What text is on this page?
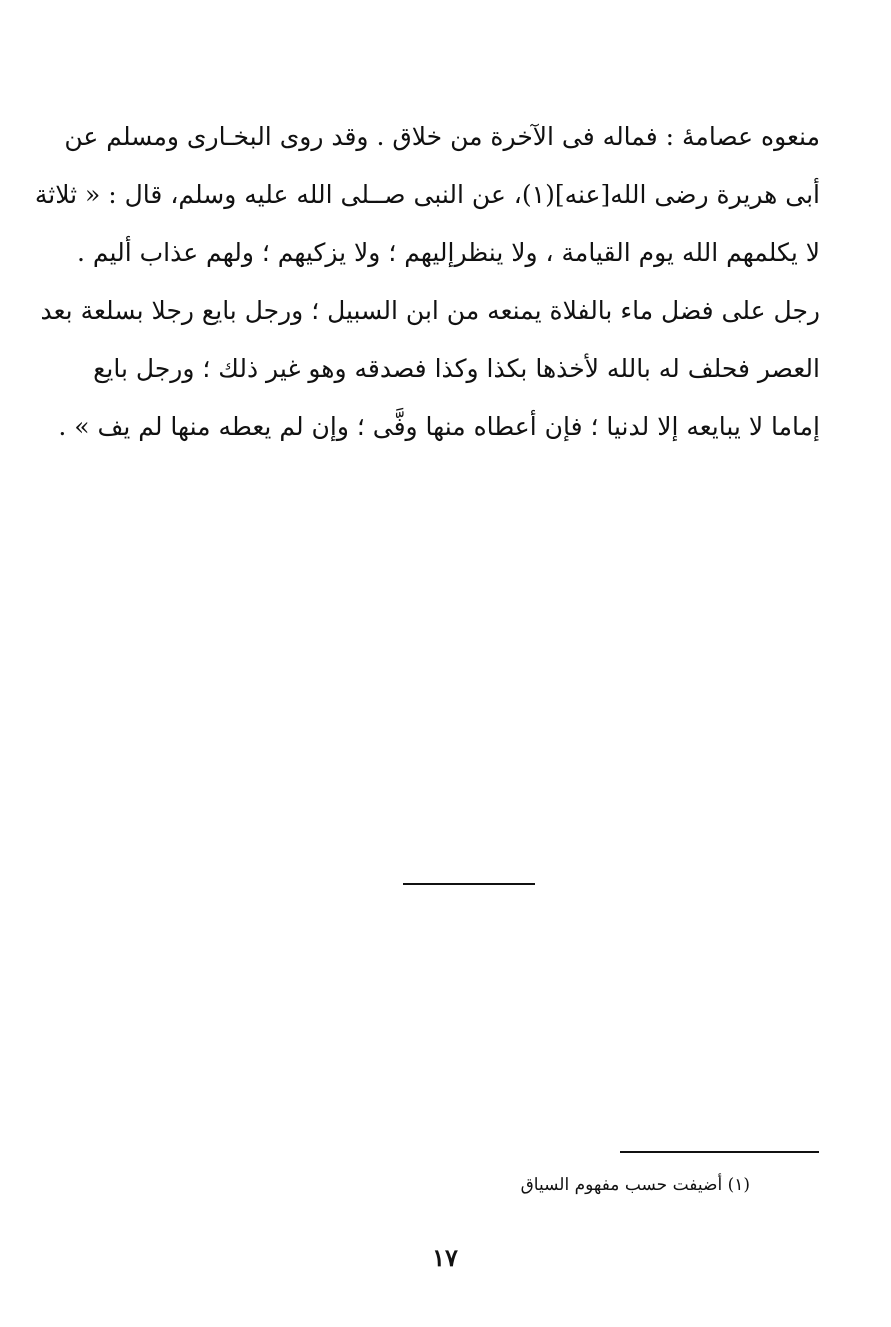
منعوه عصامهٔ : فماله فی الآخرة من خلاق . وقد روی البخـاری ومسلم عن
أبی هريرة رضی الله[عنه](١)، عن النبی صــلی الله عليه وسلم، قال : « ثلاثة
لا يكلمهم الله يوم القيامة ، ولا ينظرإليهم ؛ ولا يزكيهم ؛ ولهم عذاب أليم .
رجل علی فضل ماء بالفلاة يمنعه من ابن السبيل ؛ ورجل بايع رجلا بسلعة بعد
العصر فحلف له بالله لأخذها بكذا وكذا فصدقه وهو غير ذلك ؛ ورجل بايع
إماما لا يبايعه إلا لدنيا ؛ فإن أعطاه منها وفَّی ؛ وإن لم يعطه منها لم يف » .
(١) أضيفت حسب مفهوم السياق
١٧
